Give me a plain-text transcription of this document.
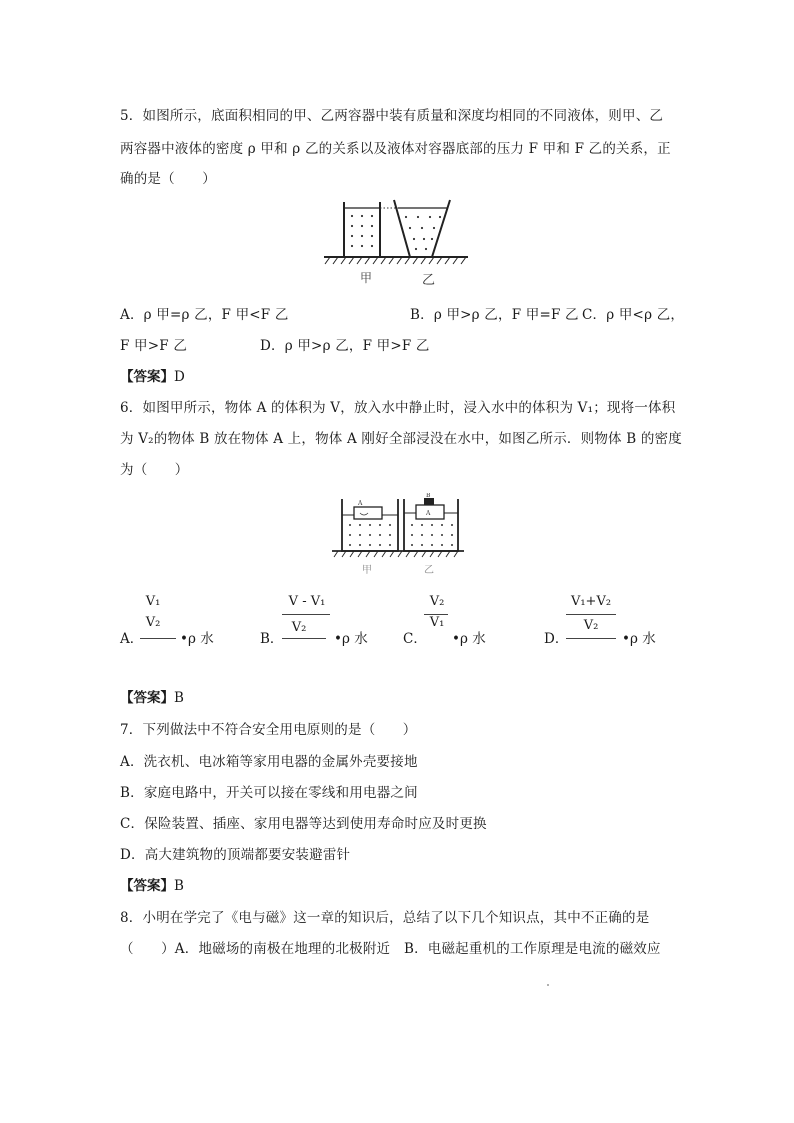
5．如图所示，底面积相同的甲、乙两容器中装有质量和深度均相同的不同液体，则甲、乙
两容器中液体的密度 ρ 甲和 ρ 乙的关系以及液体对容器底部的压力 F 甲和 F 乙的关系，正
确的是（　　）
甲	乙
A．ρ 甲=ρ 乙，F 甲<F 乙	B．ρ 甲>ρ 乙，F 甲=F 乙 C．ρ 甲<ρ 乙，
F 甲>F 乙	D．ρ 甲>ρ 乙，F 甲>F 乙
【答案】D
6．如图甲所示，物体 A 的体积为 V，放入水中静止时，浸入水中的体积为 V₁；现将一体积
为 V₂的物体 B 放在物体 A 上，物体 A 刚好全部浸没在水中，如图乙所示．则物体 B 的密度
为（　　）
A
B
A
甲	乙
A．
V₁
V₂
•ρ 水	B．
V - V₁
V₂
•ρ 水	C．
V₂
V₁
•ρ 水	D．
V₁+V₂
V₂
•ρ 水
【答案】B
7．下列做法中不符合安全用电原则的是（　　）
A．洗衣机、电冰箱等家用电器的金属外壳要接地
B．家庭电路中，开关可以接在零线和用电器之间
C．保险装置、插座、家用电器等达到使用寿命时应及时更换
D．高大建筑物的顶端都要安装避雷针
【答案】B
8．小明在学完了《电与磁》这一章的知识后，总结了以下几个知识点，其中不正确的是
（　　）A．地磁场的南极在地理的北极附近　B．电磁起重机的工作原理是电流的磁效应
